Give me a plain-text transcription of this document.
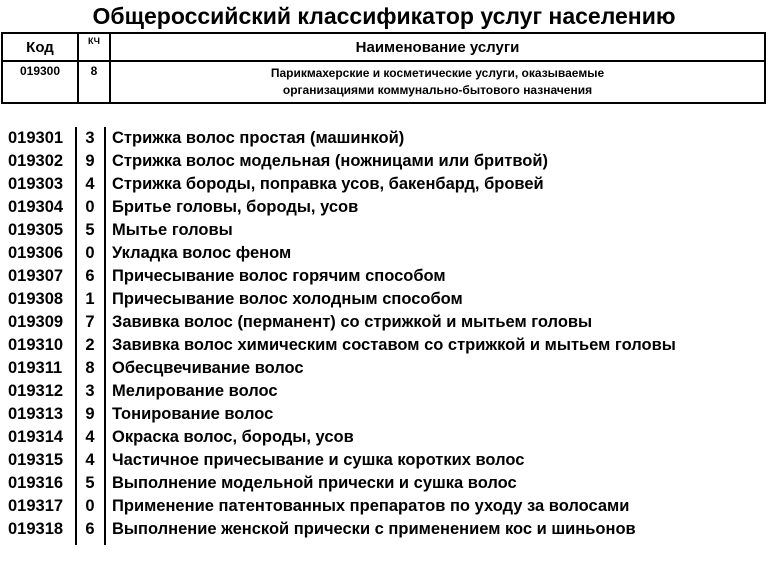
Общероссийский классификатор услуг населению
Код	КЧ	Наименование услуги

019300	8	Парикмахерские и косметические услуги, оказываемые
организациями коммунально-бытового назначения
019301	3	Стрижка волос простая (машинкой)
019302	9	Стрижка волос модельная (ножницами или бритвой)
019303	4	Стрижка бороды, поправка усов, бакенбард, бровей
019304	0	Бритье головы, бороды, усов
019305	5	Мытье головы
019306	0	Укладка волос феном
019307	6	Причесывание волос горячим способом
019308	1	Причесывание волос холодным способом
019309	7	Завивка волос (перманент) со стрижкой и мытьем головы
019310	2	Завивка волос химическим составом со стрижкой и мытьем головы
019311	8	Обесцвечивание волос
019312	3	Мелирование волос
019313	9	Тонирование волос
019314	4	Окраска волос, бороды, усов
019315	4	Частичное причесывание и сушка коротких волос
019316	5	Выполнение модельной прически и сушка волос
019317	0	Применение патентованных препаратов по уходу за волосами
019318	6	Выполнение женской прически с применением кос и шиньонов
